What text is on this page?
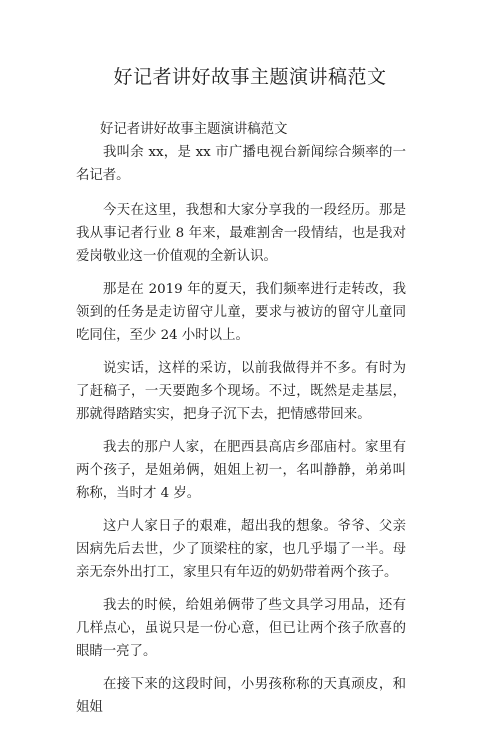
好记者讲好故事主题演讲稿范文

好记者讲好故事主题演讲稿范文

我叫余 xx，是 xx 市广播电视台新闻综合频率的一名记者。

今天在这里，我想和大家分享我的一段经历。那是我从事记者行业 8 年来，最难割舍一段情结，也是我对爱岗敬业这一价值观的全新认识。

那是在 2019 年的夏天，我们频率进行走转改，我领到的任务是走访留守儿童，要求与被访的留守儿童同吃同住，至少 24 小时以上。

说实话，这样的采访，以前我做得并不多。有时为了赶稿子，一天要跑多个现场。不过，既然是走基层，那就得踏踏实实，把身子沉下去，把情感带回来。

我去的那户人家，在肥西县高店乡邵庙村。家里有两个孩子，是姐弟俩，姐姐上初一，名叫静静，弟弟叫称称，当时才 4 岁。

这户人家日子的艰难，超出我的想象。爷爷、父亲因病先后去世，少了顶梁柱的家，也几乎塌了一半。母亲无奈外出打工，家里只有年迈的奶奶带着两个孩子。

我去的时候，给姐弟俩带了些文具学习用品，还有几样点心，虽说只是一份心意，但已让两个孩子欣喜的眼睛一亮了。

在接下来的这段时间，小男孩称称的天真顽皮，和姐姐
